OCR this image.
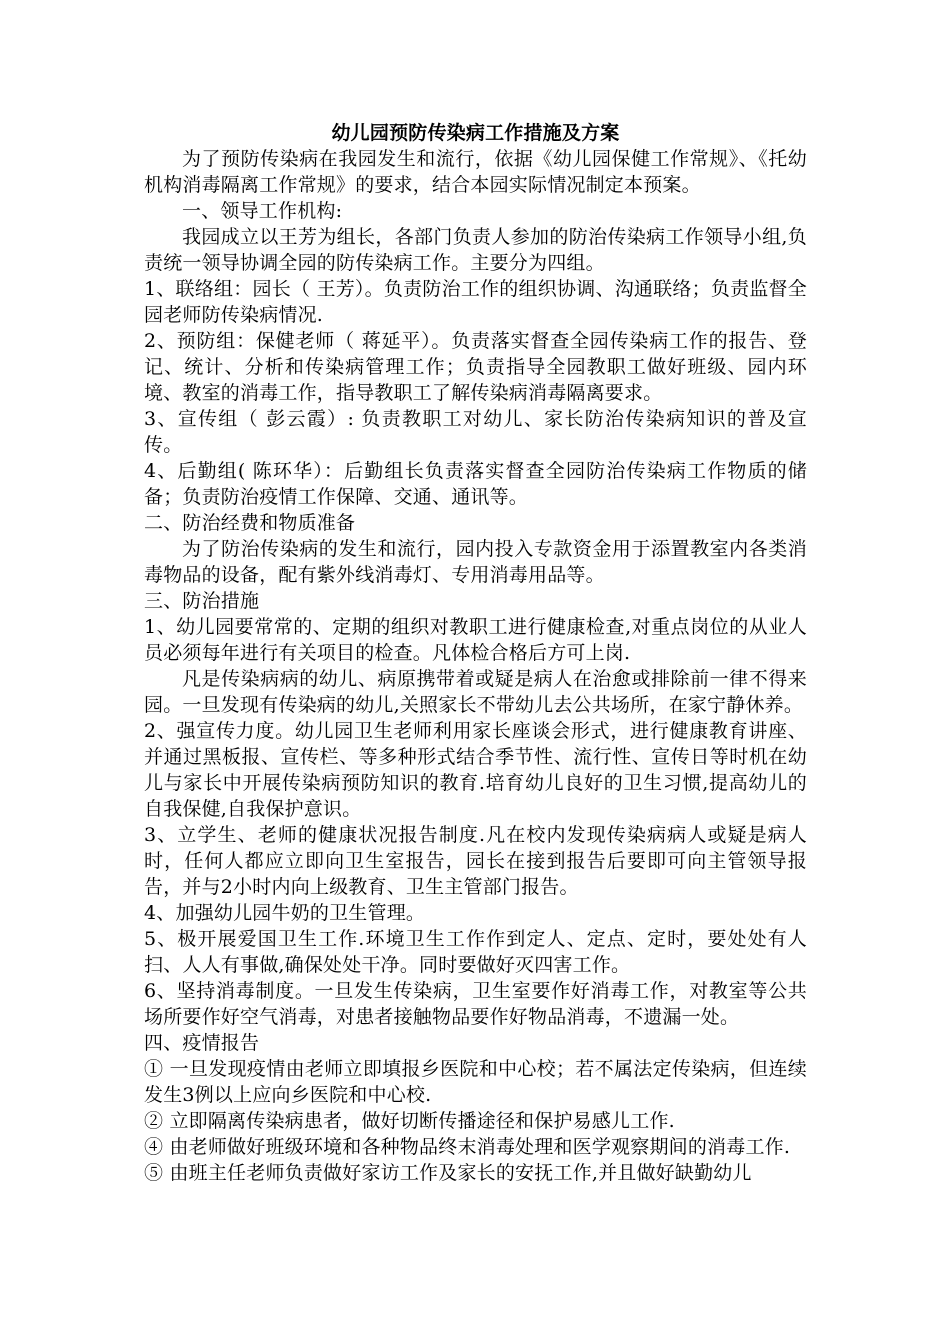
幼儿园预防传染病工作措施及方案

为了预防传染病在我园发生和流行，依据《幼儿园保健工作常规》、《托幼机构消毒隔离工作常规》的要求，结合本园实际情况制定本预案。

一、领导工作机构:

我园成立以王芳为组长，各部门负责人参加的防治传染病工作领导小组,负责统一领导协调全园的防传染病工作。主要分为四组。

1、联络组：园长（ 王芳）。负责防治工作的组织协调、沟通联络；负责监督全园老师防传染病情况.

2、预防组：保健老师（ 蒋延平）。负责落实督查全园传染病工作的报告、登记、统计、分析和传染病管理工作；负责指导全园教职工做好班级、园内环境、教室的消毒工作，指导教职工了解传染病消毒隔离要求。

3、宣传组（ 彭云霞）: 负责教职工对幼儿、家长防治传染病知识的普及宣传。

4、后勤组( 陈环华）：后勤组长负责落实督查全园防治传染病工作物质的储备；负责防治疫情工作保障、交通、通讯等。

二、防治经费和物质准备

为了防治传染病的发生和流行，园内投入专款资金用于添置教室内各类消毒物品的设备，配有紫外线消毒灯、专用消毒用品等。

三、防治措施

1、幼儿园要常常的、定期的组织对教职工进行健康检查,对重点岗位的从业人员必须每年进行有关项目的检查。凡体检合格后方可上岗.

凡是传染病病的幼儿、病原携带着或疑是病人在治愈或排除前一律不得来园。一旦发现有传染病的幼儿,关照家长不带幼儿去公共场所，在家宁静休养。

2、强宣传力度。幼儿园卫生老师利用家长座谈会形式，进行健康教育讲座、并通过黑板报、宣传栏、等多种形式结合季节性、流行性、宣传日等时机在幼儿与家长中开展传染病预防知识的教育.培育幼儿良好的卫生习惯,提高幼儿的自我保健,自我保护意识。

3、立学生、老师的健康状况报告制度.凡在校内发现传染病病人或疑是病人时，任何人都应立即向卫生室报告，园长在接到报告后要即可向主管领导报告，并与2小时内向上级教育、卫生主管部门报告。

4、加强幼儿园牛奶的卫生管理。

5、极开展爱国卫生工作.环境卫生工作作到定人、定点、定时，要处处有人扫、人人有事做,确保处处干净。同时要做好灭四害工作。

6、坚持消毒制度。一旦发生传染病，卫生室要作好消毒工作，对教室等公共场所要作好空气消毒，对患者接触物品要作好物品消毒，不遗漏一处。

四、疫情报告

① 一旦发现疫情由老师立即填报乡医院和中心校；若不属法定传染病，但连续发生3例以上应向乡医院和中心校.

② 立即隔离传染病患者，做好切断传播途径和保护易感儿工作.

④ 由老师做好班级环境和各种物品终末消毒处理和医学观察期间的消毒工作.

⑤ 由班主任老师负责做好家访工作及家长的安抚工作,并且做好缺勤幼儿
